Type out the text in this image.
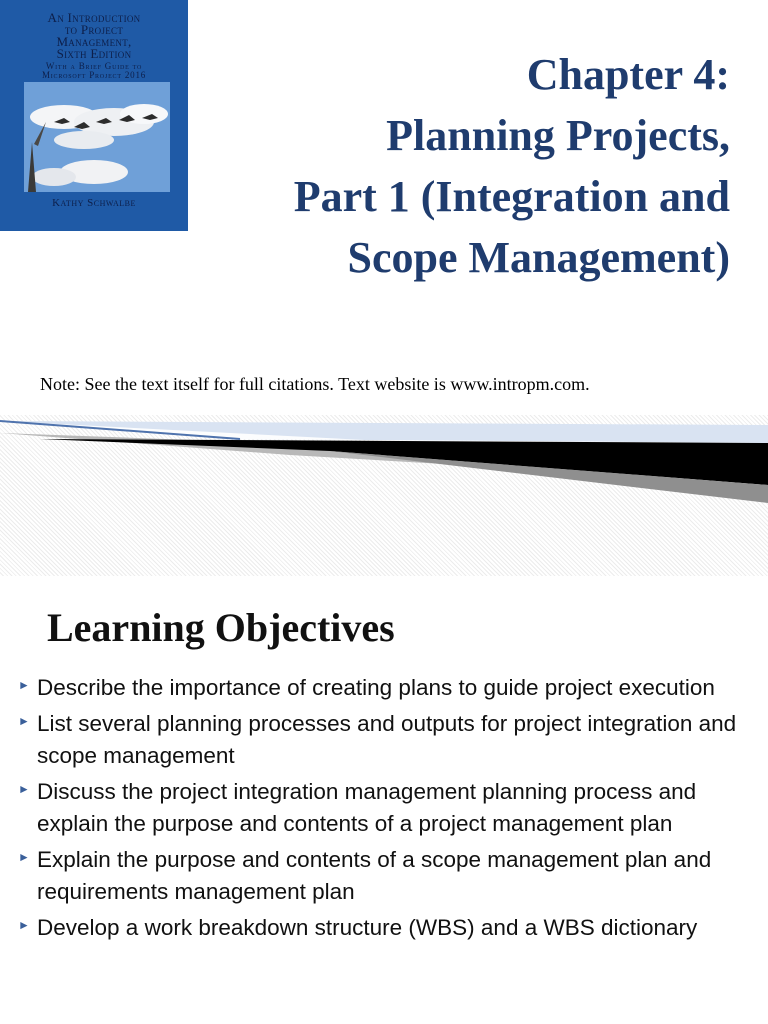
An Introduction
to Project
Management,
Sixth Edition
With a Brief Guide to
Microsoft Project 2016
Kathy Schwalbe
Chapter 4:
Planning Projects,
Part 1 (Integration and
Scope Management)
Note: See the text itself for full citations. Text website is www.intropm.com.
Learning Objectives
► Describe the importance of creating plans to guide project execution
► List several planning processes and outputs for project integration and scope management
► Discuss the project integration management planning process and explain the purpose and contents of a project management plan
► Explain the purpose and contents of a scope management plan and requirements management plan
► Develop a work breakdown structure (WBS) and a WBS dictionary
